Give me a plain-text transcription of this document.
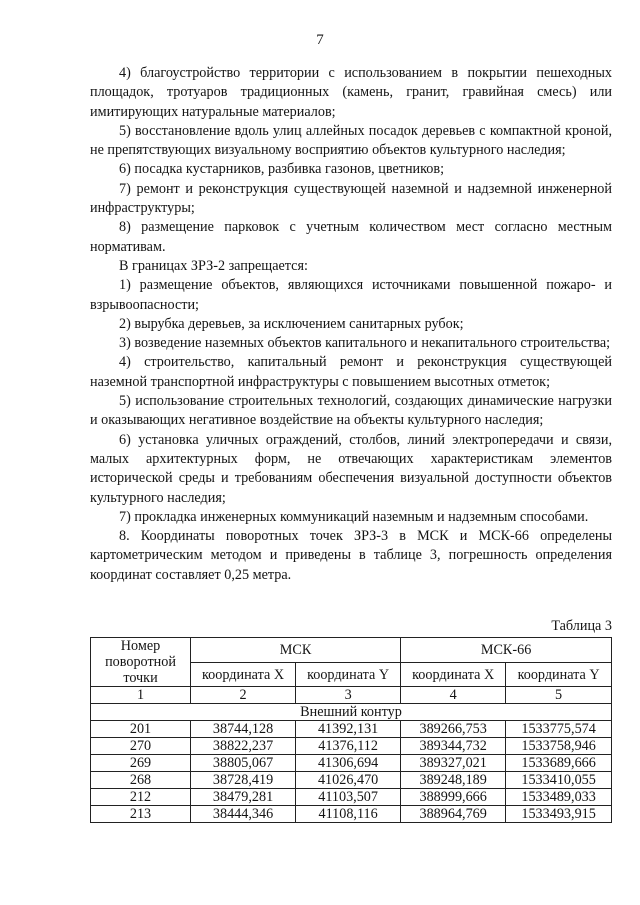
7

4) благоустройство территории с использованием в покрытии пешеходных площадок, тротуаров традиционных (камень, гранит, гравийная смесь) или имитирующих натуральные материалов;

5) восстановление вдоль улиц аллейных посадок деревьев с компактной кроной, не препятствующих визуальному восприятию объектов культурного наследия;

6) посадка кустарников, разбивка газонов, цветников;

7) ремонт и реконструкция существующей наземной и надземной инженерной инфраструктуры;

8) размещение парковок с учетным количеством мест согласно местным нормативам.

В границах ЗРЗ-2 запрещается:

1) размещение объектов, являющихся источниками повышенной пожаро- и взрывоопасности;

2) вырубка деревьев, за исключением санитарных рубок;

3) возведение наземных объектов капитального и некапитального строительства;

4) строительство, капитальный ремонт и реконструкция существующей наземной транспортной инфраструктуры с повышением высотных отметок;

5) использование строительных технологий, создающих динамические нагрузки и оказывающих негативное воздействие на объекты культурного наследия;

6) установка уличных ограждений, столбов, линий электропередачи и связи, малых архитектурных форм, не отвечающих характеристикам элементов исторической среды и требованиям обеспечения визуальной доступности объектов культурного наследия;

7) прокладка инженерных коммуникаций наземным и надземным способами.

8. Координаты поворотных точек ЗРЗ-3 в МСК и МСК-66 определены картометрическим методом и приведены в таблице 3, погрешность определения координат составляет 0,25 метра.

Таблица 3
Номер поворотной точки	МСК		МСК-66	
	координата X	координата Y	координата X	координата Y
1	2	3	4	5
Внешний контур				
201	38744,128	41392,131	389266,753	1533775,574
270	38822,237	41376,112	389344,732	1533758,946
269	38805,067	41306,694	389327,021	1533689,666
268	38728,419	41026,470	389248,189	1533410,055
212	38479,281	41103,507	388999,666	1533489,033
213	38444,346	41108,116	388964,769	1533493,915
